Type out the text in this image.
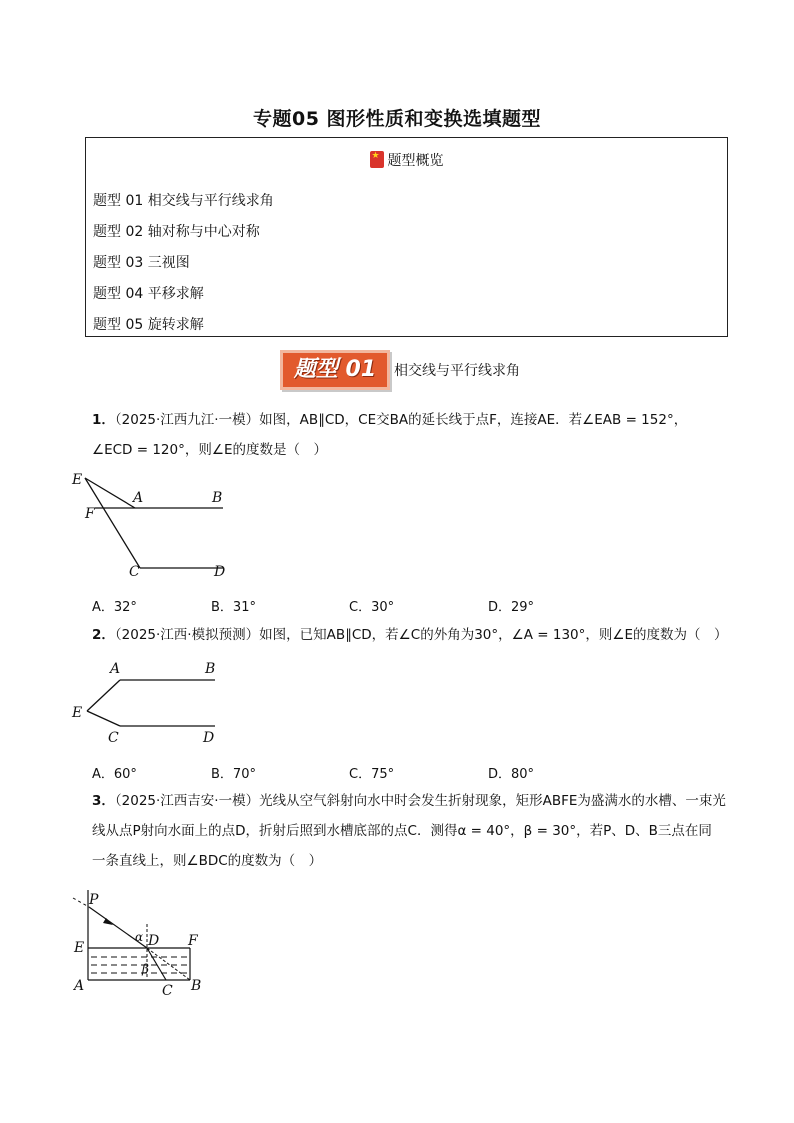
专题05 图形性质和变换选填题型
★题型概览
题型 01 相交线与平行线求角
题型 02 轴对称与中心对称
题型 03 三视图
题型 04 平移求解
题型 05 旋转求解
题型 01	相交线与平行线求角
1．（2025·江西九江·一模）如图，AB∥CD，CE交BA的延长线于点F，连接AE．若∠EAB = 152°，
∠ECD = 120°，则∠E的度数是（　）
E
A	B
F
C	D
A．32°	B．31°	C．30°	D．29°
2．（2025·江西·模拟预测）如图，已知AB∥CD，若∠C的外角为30°，∠A = 130°，则∠E的度数为（　）
A	B
E
C	D
A．60°	B．70°	C．75°	D．80°
3．（2025·江西吉安·一模）光线从空气斜射向水中时会发生折射现象，矩形ABFE为盛满水的水槽、一束光
线从点P射向水面上的点D，折射后照到水槽底部的点C．测得α = 40°，β = 30°，若P、D、B三点在同
一条直线上，则∠BDC的度数为（　）
P
α D F
E
β
A	C B
